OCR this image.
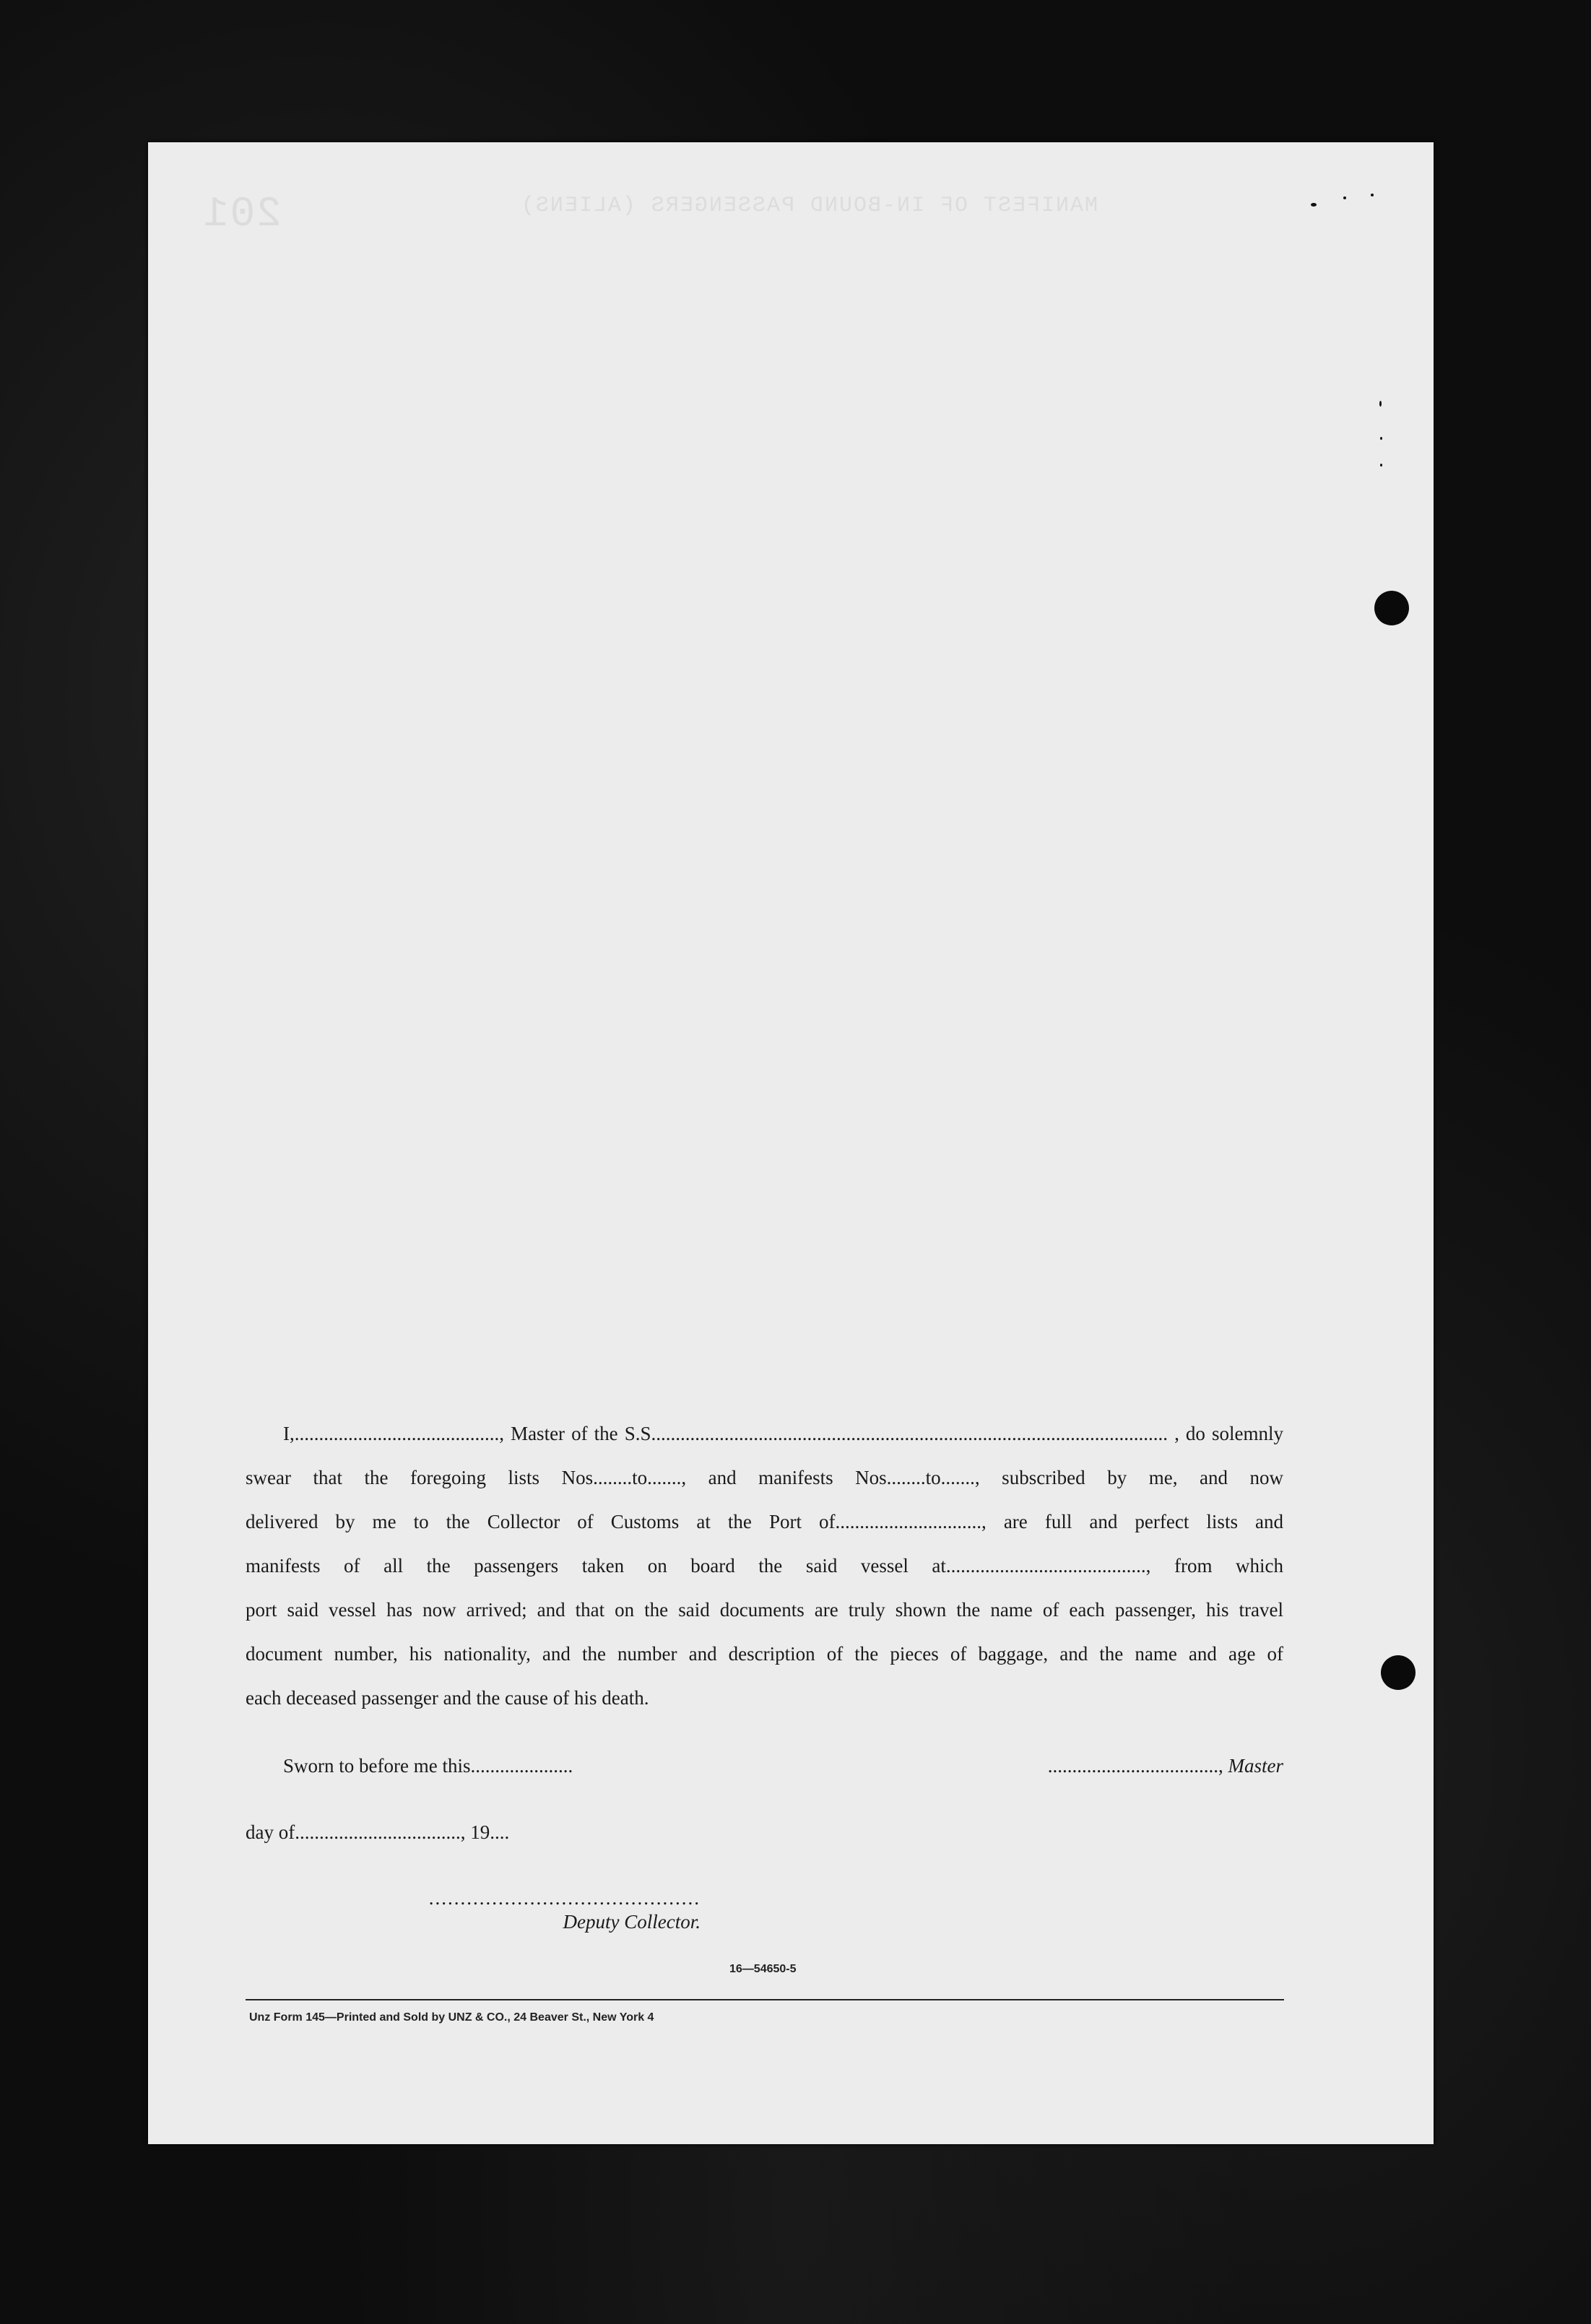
201	MANIFEST OF IN-BOUND PASSENGERS (ALIENS)

I,.........................................., Master of the S.S.......................................................................................................... , do solemnly

swear that the foregoing lists Nos........to......., and manifests Nos........to......., subscribed by me, and now

delivered by me to the Collector of Customs at the Port of.............................., are full and perfect lists and

manifests of all the passengers taken on board the said vessel at........................................., from which

port said vessel has now arrived; and that on the said documents are truly shown the name of each passenger, his travel

document number, his nationality, and the number and description of the pieces of baggage, and the name and age of

each deceased passenger and the cause of his death.

Sworn to before me this.....................	..................................., Master
day of.................................., 19....
...........................................
Deputy Collector.
16—54650-5
Unz Form 145—Printed and Sold by UNZ & CO., 24 Beaver St., New York 4
